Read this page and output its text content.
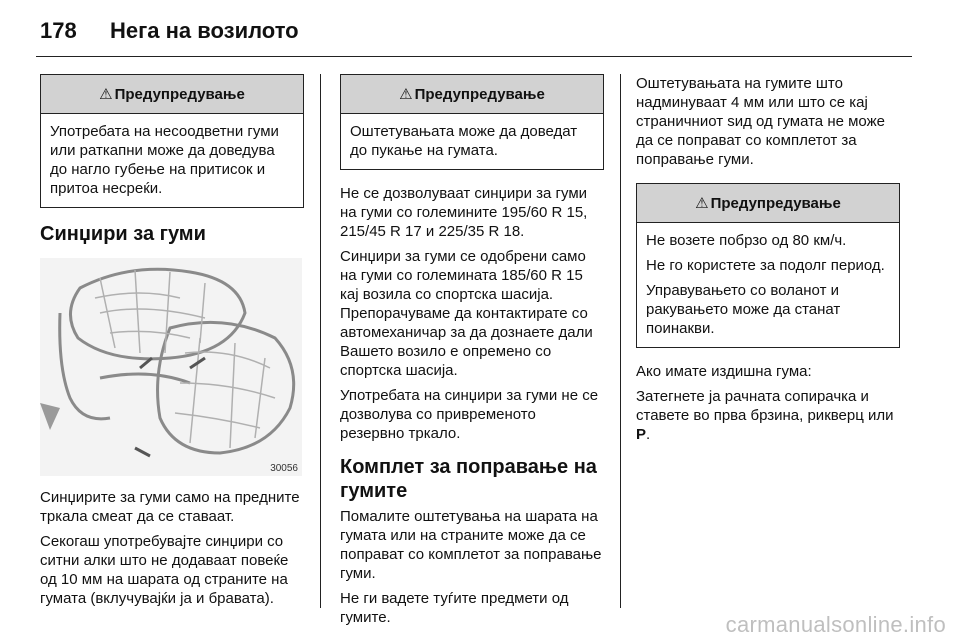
178	Нега на возилото
⚠ Предупредување

Употребата на несоодветни гуми или раткапни може да доведува до нагло губење на притисок и притоа несреќи.

Синџири за гуми
30056

Синџирите за гуми само на предните тркала смеат да се ставаат.

Секогаш употребувајте синџири со ситни алки што не додаваат повеќе од 10 мм на шарата од страните на гумата (вклучувајќи ја и бравата).

⚠ Предупредување

Оштетувањата може да доведат до пукање на гумата.

Не се дозволуваат синџири за гуми на гуми со големините 195/60 R 15, 215/45 R 17 и 225/35 R 18.

Синџири за гуми се одобрени само на гуми со големината 185/60 R 15 кај возила со спортска шасија. Препорачуваме да контактирате со автомеханичар за да дознаете дали Вашето возило е опремено со спортска шасија.

Употребата на синџири за гуми не се дозволува со привременото резервно тркало.

Комплет за поправање на гумите

Помалите оштетувања на шарата на гумата или на страните може да се поправат со комплетот за поправање гуми.

Не ги вадете туѓите предмети од гумите.

Оштетувањата на гумите што надминуваат 4 мм или што се кај страничниот ѕид од гумата не може да се поправат со комплетот за поправање гуми.

⚠ Предупредување

Не возете побрзо од 80 км/ч.

Не го користете за подолг период.

Управувањето со воланот и ракувањето може да станат поинакви.

Ако имате издишна гума:

Затегнете ја рачната сопирачка и ставете во прва брзина, рикверц или P.

carmanualsonline.info
